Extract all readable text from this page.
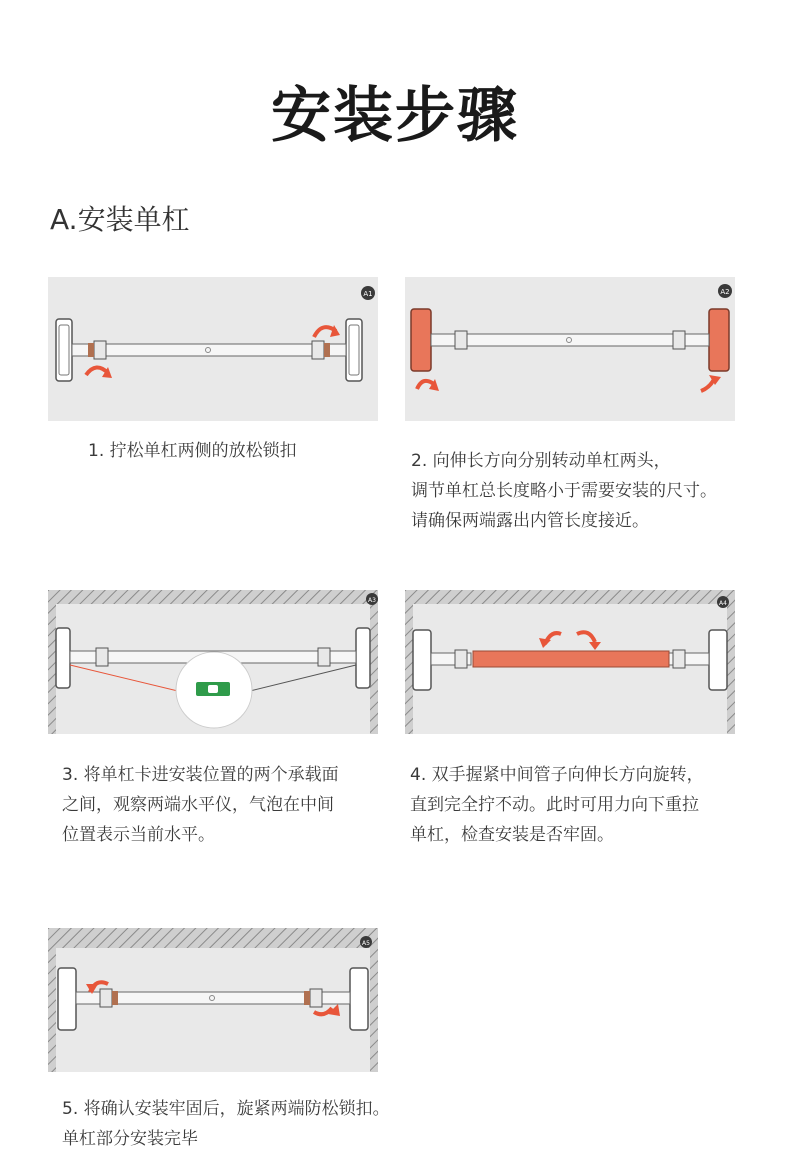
安装步骤
A.安装单杠
A1	A2
1. 拧松单杠两侧的放松锁扣	2. 向伸长方向分别转动单杠两头，
调节单杠总长度略小于需要安装的尺寸。
请确保两端露出内管长度接近。
A3	A4
3. 将单杠卡进安装位置的两个承载面
之间，观察两端水平仪，气泡在中间
位置表示当前水平。
4. 双手握紧中间管子向伸长方向旋转，
直到完全拧不动。此时可用力向下重拉
单杠，检查安装是否牢固。
A5
5. 将确认安装牢固后，旋紧两端防松锁扣。
单杠部分安装完毕
